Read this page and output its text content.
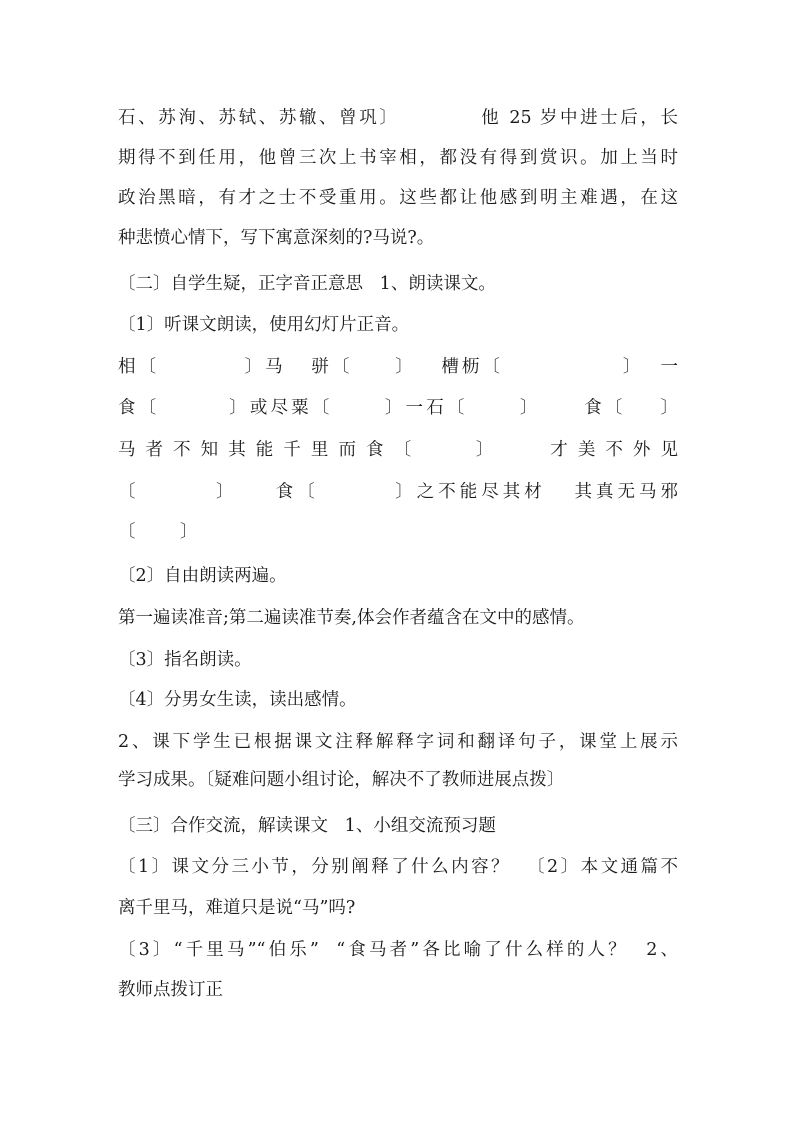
石、苏洵、苏轼、苏辙、曾巩〕          他 25 岁中进士后，长
期得不到任用，他曾三次上书宰相，都没有得到赏识。加上当时
政治黑暗，有才之士不受重用。这些都让他感到明主难遇，在这
种悲愤心情下，写下寓意深刻的?马说?。
〔二〕自学生疑，正字音正意思   1、朗读课文。
〔1〕听课文朗读，使用幻灯片正音。
相〔          〕马   骈〔     〕   槽枥〔              〕  一
食〔        〕或尽粟〔      〕一石〔      〕     食〔    〕
马 者 不 知 其 能 千 里 而 食 〔        〕       才 美 不 外 见
〔        〕    食〔        〕之不能尽其材   其真无马邪
〔        〕
〔2〕自由朗读两遍。
第一遍读准音;第二遍读准节奏,体会作者蕴含在文中的感情。
〔3〕指名朗读。
〔4〕分男女生读，读出感情。
2、课下学生已根据课文注释解释字词和翻译句子，课堂上展示
学习成果。〔疑难问题小组讨论，解决不了教师进展点拨〕
〔三〕合作交流，解读课文   1、小组交流预习题
〔1〕课文分三小节，分别阐释了什么内容？  〔2〕本文通篇不
离千里马，难道只是说“马”吗?
〔3〕“千里马”“伯乐”  “食马者”各比喻了什么样的人？  2、
教师点拨订正
